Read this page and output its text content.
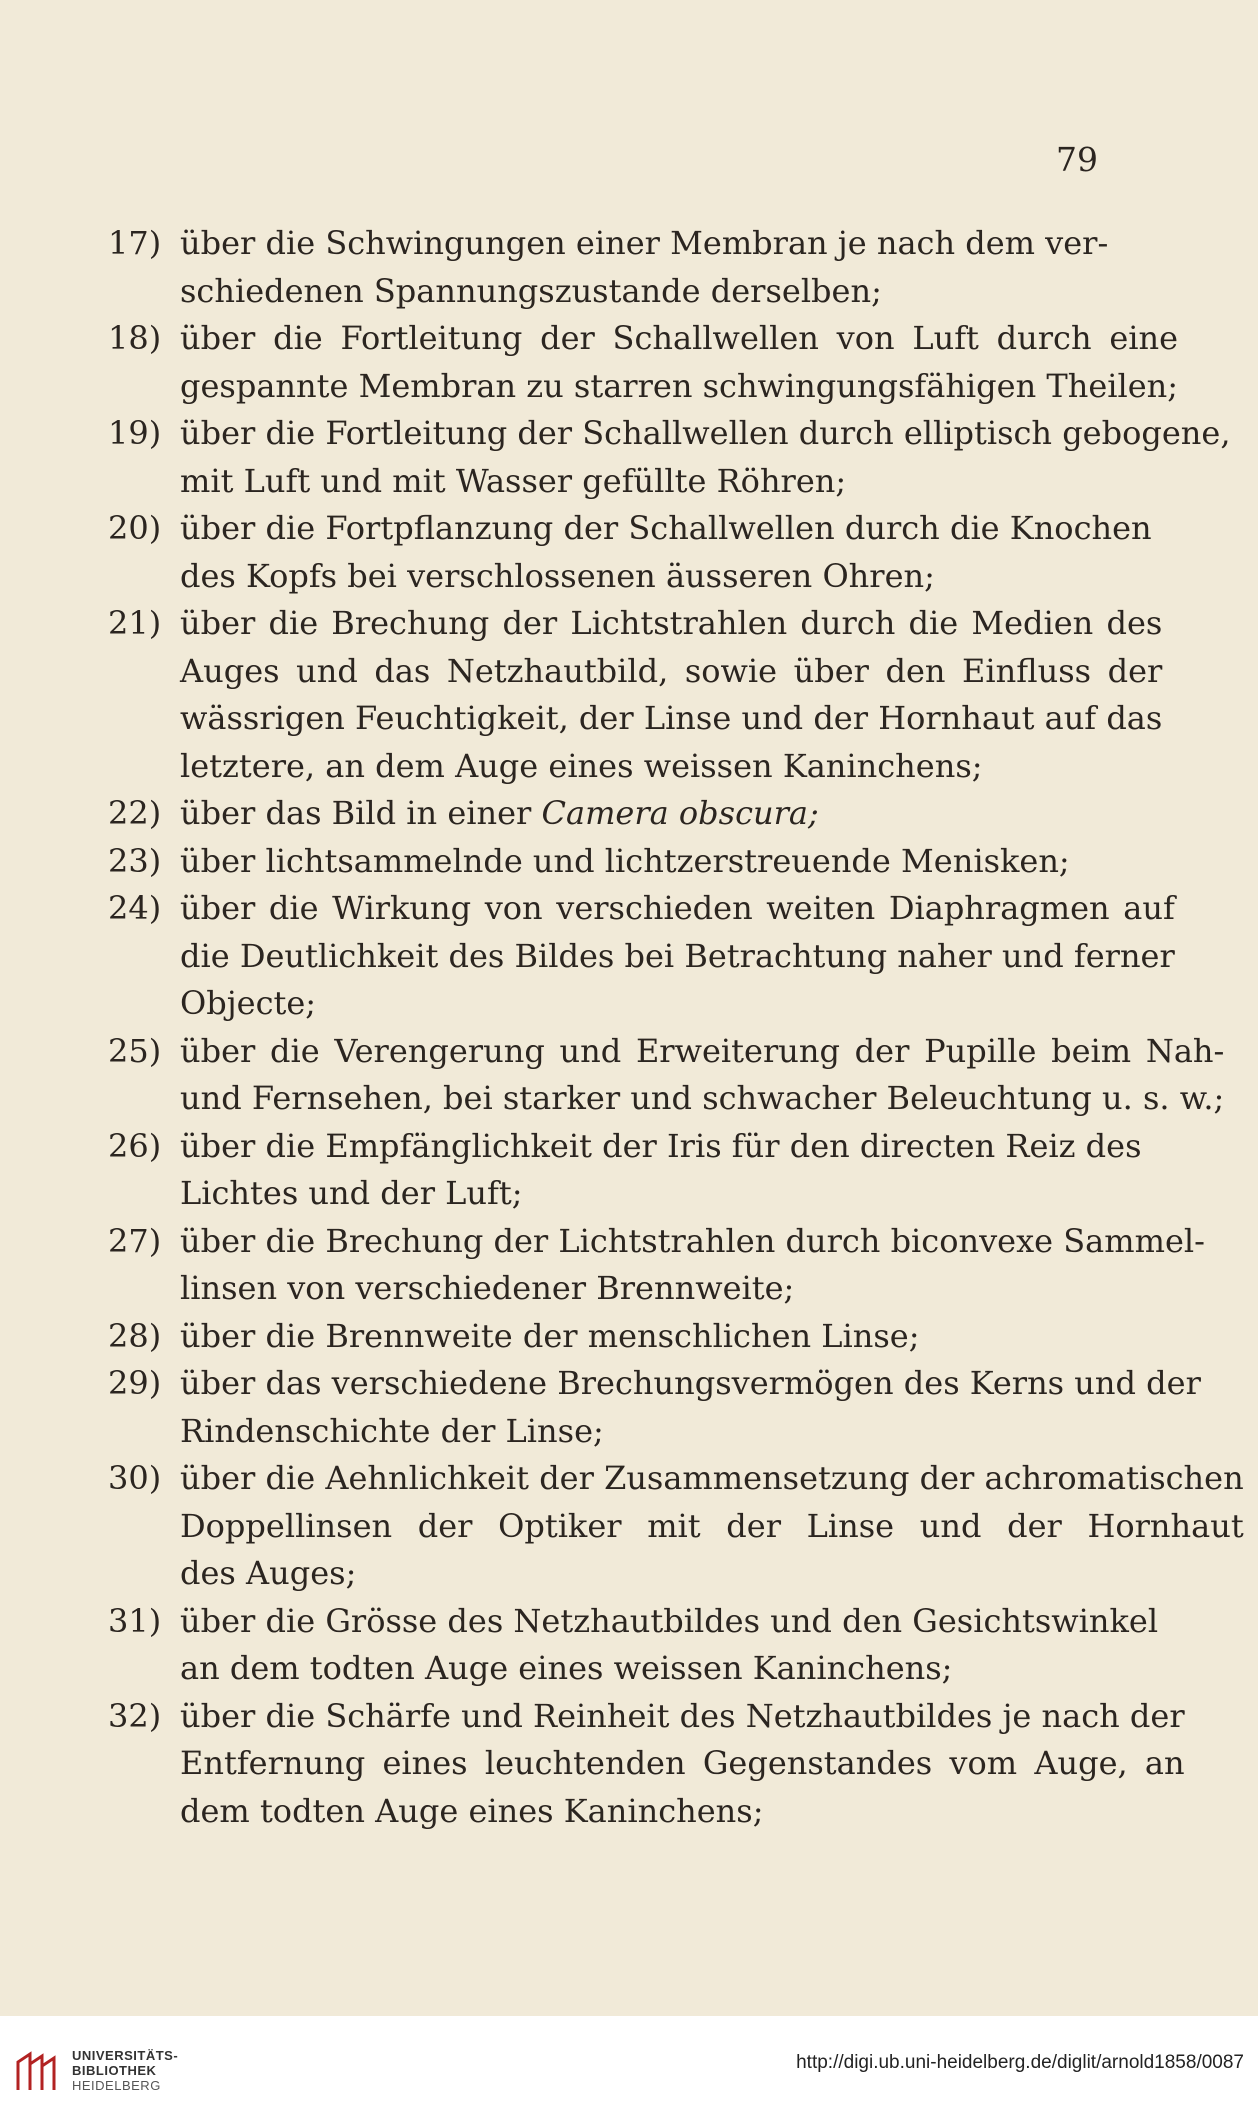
79
17) über die Schwingungen einer Membran je nach dem ver-
schiedenen Spannungszustande derselben;
18) über die Fortleitung der Schallwellen von Luft durch eine
gespannte Membran zu starren schwingungsfähigen Theilen;
19) über die Fortleitung der Schallwellen durch elliptisch gebogene,
mit Luft und mit Wasser gefüllte Röhren;
20) über die Fortpflanzung der Schallwellen durch die Knochen
des Kopfs bei verschlossenen äusseren Ohren;
21) über die Brechung der Lichtstrahlen durch die Medien des
Auges und das Netzhautbild, sowie über den Einfluss der
wässrigen Feuchtigkeit, der Linse und der Hornhaut auf das
letztere, an dem Auge eines weissen Kaninchens;
22) über das Bild in einer Camera obscura;
23) über lichtsammelnde und lichtzerstreuende Menisken;
24) über die Wirkung von verschieden weiten Diaphragmen auf
die Deutlichkeit des Bildes bei Betrachtung naher und ferner
Objecte;
25) über die Verengerung und Erweiterung der Pupille beim Nah-
und Fernsehen, bei starker und schwacher Beleuchtung u. s. w.;
26) über die Empfänglichkeit der Iris für den directen Reiz des
Lichtes und der Luft;
27) über die Brechung der Lichtstrahlen durch biconvexe Sammel-
linsen von verschiedener Brennweite;
28) über die Brennweite der menschlichen Linse;
29) über das verschiedene Brechungsvermögen des Kerns und der
Rindenschichte der Linse;
30) über die Aehnlichkeit der Zusammensetzung der achromatischen
Doppellinsen der Optiker mit der Linse und der Hornhaut
des Auges;
31) über die Grösse des Netzhautbildes und den Gesichtswinkel
an dem todten Auge eines weissen Kaninchens;
32) über die Schärfe und Reinheit des Netzhautbildes je nach der
Entfernung eines leuchtenden Gegenstandes vom Auge, an
dem todten Auge eines Kaninchens;
UNIVERSITÄTS-
BIBLIOTHEK
HEIDELBERG
http://digi.ub.uni-heidelberg.de/diglit/arnold1858/0087
